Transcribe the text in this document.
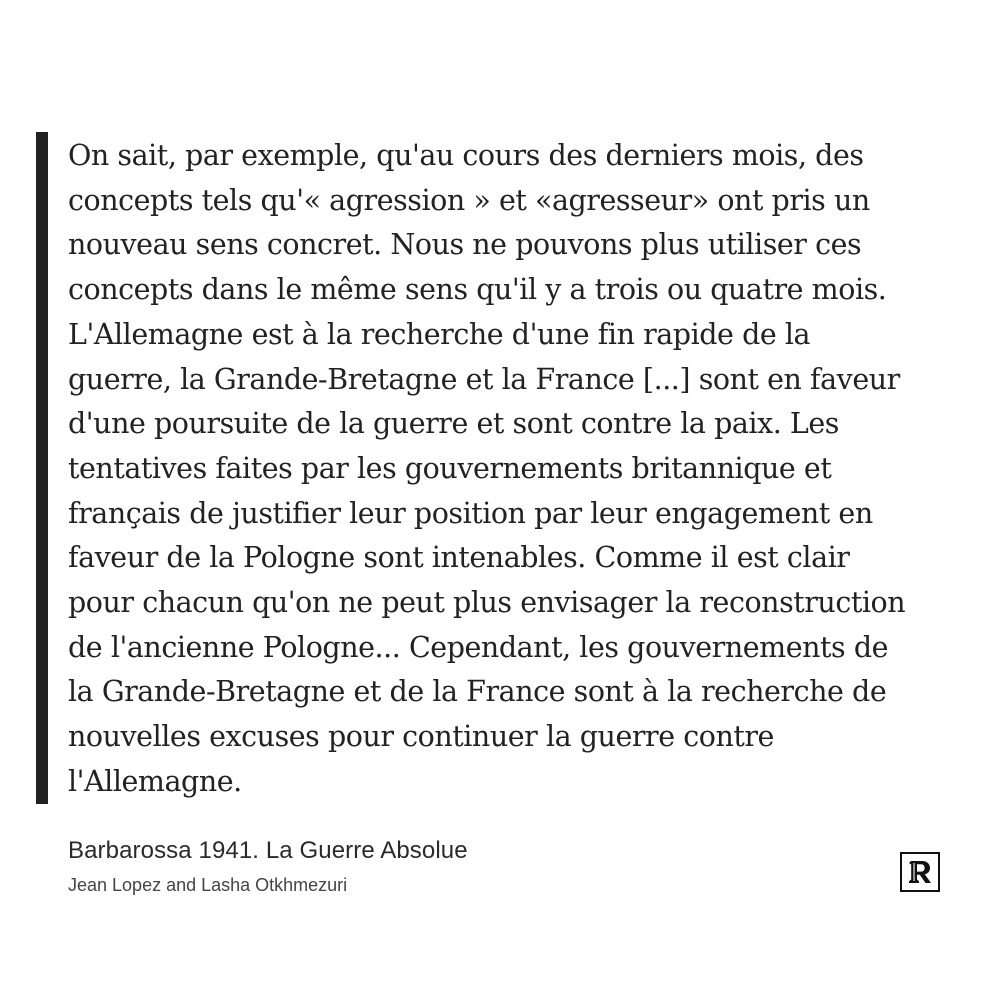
On sait, par exemple, qu'au cours des derniers mois, des concepts tels qu'« agression » et «agresseur» ont pris un nouveau sens concret. Nous ne pouvons plus utiliser ces concepts dans le même sens qu'il y a trois ou quatre mois. L'Allemagne est à la recherche d'une fin rapide de la guerre, la Grande-Bretagne et la France [...] sont en faveur d'une poursuite de la guerre et sont contre la paix. Les tentatives faites par les gouvernements britannique et français de justifier leur position par leur engagement en faveur de la Pologne sont intenables. Comme il est clair pour chacun qu'on ne peut plus envisager la reconstruction de l'ancienne Pologne... Cependant, les gouvernements de la Grande-Bretagne et de la France sont à la recherche de nouvelles excuses pour continuer la guerre contre l'Allemagne.

Barbarossa 1941. La Guerre Absolue
Jean Lopez and Lasha Otkhmezuri
